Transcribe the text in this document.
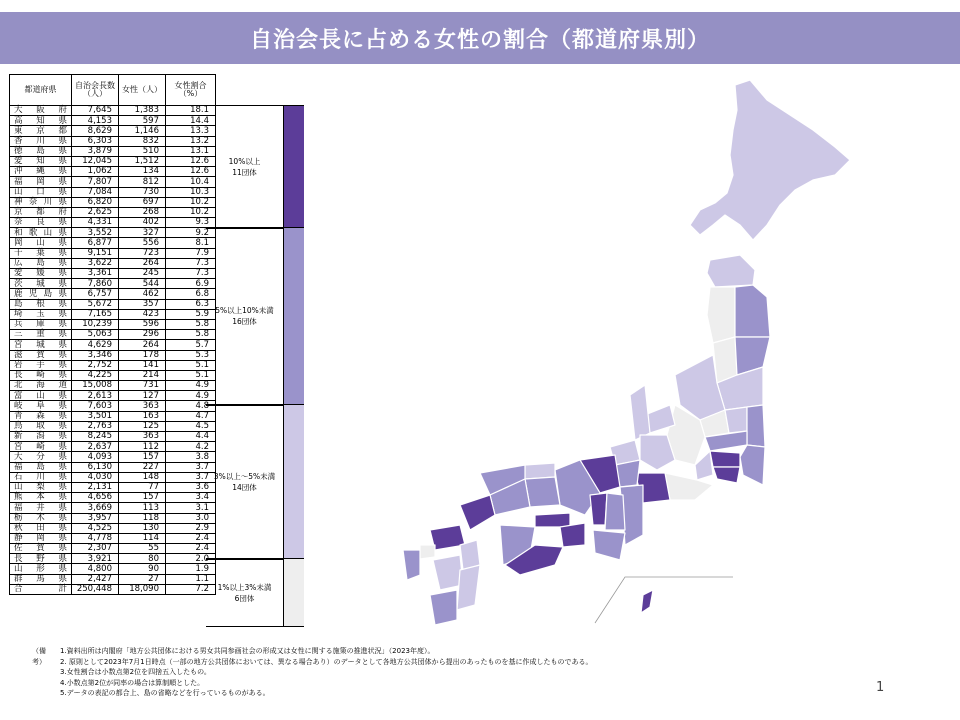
自治会長に占める女性の割合（都道府県別）
都道府県	自治会長数（人）	女性（人）	女性割合（%）
大阪府	7,645	1,383	18.1
高知県	4,153	597	14.4
東京都	8,629	1,146	13.3
香川県	6,303	832	13.2
徳島県	3,879	510	13.1
愛知県	12,045	1,512	12.6
沖縄県	1,062	134	12.6
福岡県	7,807	812	10.4
山口県	7,084	730	10.3
神奈川県	6,820	697	10.2
京都府	2,625	268	10.2
奈良県	4,331	402	9.3
和歌山県	3,552	327	9.2
岡山県	6,877	556	8.1
千葉県	9,151	723	7.9
広島県	3,622	264	7.3
愛媛県	3,361	245	7.3
茨城県	7,860	544	6.9
鹿児島県	6,757	462	6.8
島根県	5,672	357	6.3
埼玉県	7,165	423	5.9
兵庫県	10,239	596	5.8
三重県	5,063	296	5.8
宮城県	4,629	264	5.7
滋賀県	3,346	178	5.3
岩手県	2,752	141	5.1
長崎県	4,225	214	5.1
北海道	15,008	731	4.9
富山県	2,613	127	4.9
岐阜県	7,603	363	4.8
青森県	3,501	163	4.7
鳥取県	2,763	125	4.5
新潟県	8,245	363	4.4
宮崎県	2,637	112	4.2
大分県	4,093	157	3.8
福島県	6,130	227	3.7
石川県	4,030	148	3.7
山梨県	2,131	77	3.6
熊本県	4,656	157	3.4
福井県	3,669	113	3.1
栃木県	3,957	118	3.0
秋田県	4,525	130	2.9
静岡県	4,778	114	2.4
佐賀県	2,307	55	2.4
長野県	3,921	80	2.0
山形県	4,800	90	1.9
群馬県	2,427	27	1.1
合計	250,448	18,090	7.2
10%以上
11団体
5%以上10%未満
16団体
3%以上～5%未満
14団体
1%以上3%未満
6団体
（備考）
1.資料出所は内閣府「地方公共団体における男女共同参画社会の形成又は女性に関する施策の推進状況」（2023年度）。
2. 原則として2023年7月1日時点（一部の地方公共団体においては、異なる場合あり）のデータとして各地方公共団体から提出のあったものを基に作成したものである。
3.女性割合は小数点第2位を四捨五入したもの。
4.小数点第2位が同率の場合は算制順とした。
5.データの表記の都合上、島の省略などを行っているものがある。	1
